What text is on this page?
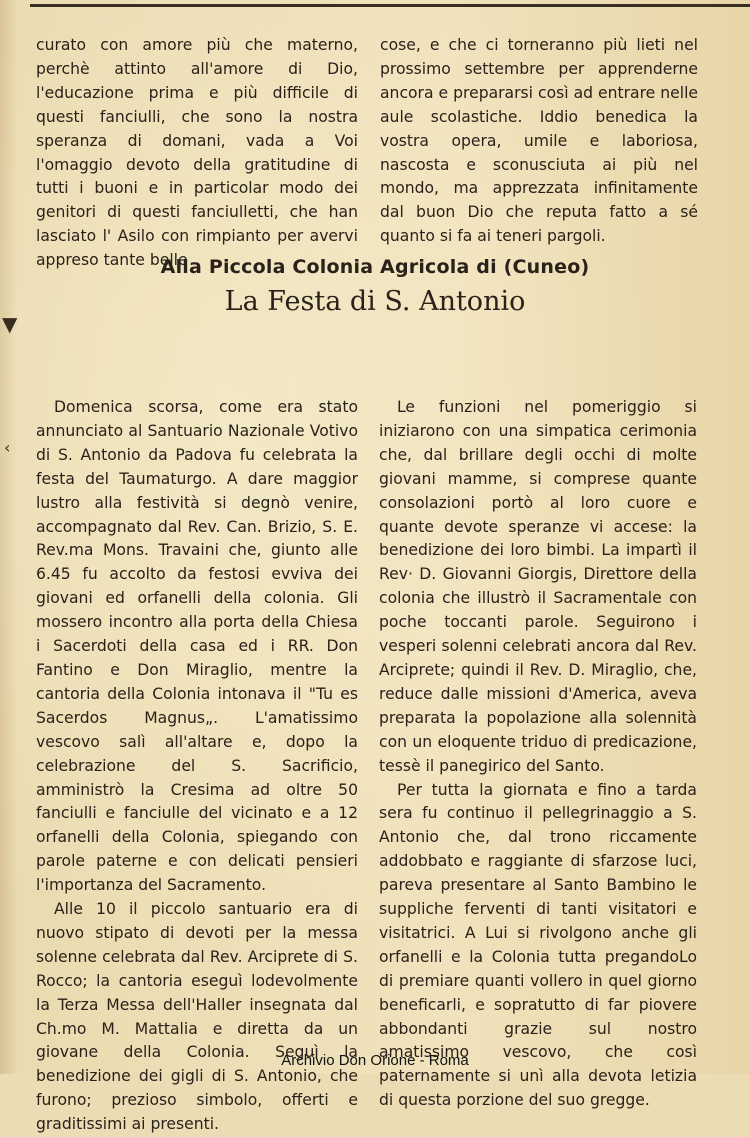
▼
‹

curato con amore più che materno, perchè attinto all'amore di Dio, l'educazione prima e più difficile di questi fanciulli, che sono la nostra speranza di domani, vada a Voi l'omaggio devoto della gratitudine di tutti i buoni e in particolar modo dei genitori di questi fanciulletti, che han lasciato l' Asilo con rimpianto per avervi appreso tante belle

cose, e che ci torneranno più lieti nel prossimo settembre per apprenderne ancora e prepararsi così ad entrare nelle aule scolastiche. Iddio benedica la vostra opera, umile e laboriosa, nascosta e sconusciuta ai più nel mondo, ma apprezzata infinitamente dal buon Dio che reputa fatto a sé quanto si fa ai teneri pargoli.

Alla Piccola Colonia Agricola di (Cuneo)
La Festa di S. Antonio

Domenica scorsa, come era stato annunciato al Santuario Nazionale Votivo di S. Antonio da Padova fu celebrata la festa del Taumaturgo. A dare maggior lustro alla festività si degnò venire, accompagnato dal Rev. Can. Brizio, S. E. Rev.ma Mons. Travaini che, giunto alle 6.45 fu accolto da festosi evviva dei giovani ed orfanelli della colonia. Gli mossero incontro alla porta della Chiesa i Sacerdoti della casa ed i RR. Don Fantino e Don Miraglio, mentre la cantoria della Colonia intonava il "Tu es Sacerdos Magnus„. L'amatissimo vescovo salì all'altare e, dopo la celebrazione del S. Sacrificio, amministrò la Cresima ad oltre 50 fanciulli e fanciulle del vicinato e a 12 orfanelli della Colonia, spiegando con parole paterne e con delicati pensieri l'importanza del Sacramento.

Alle 10 il piccolo santuario era di nuovo stipato di devoti per la messa solenne celebrata dal Rev. Arciprete di S. Rocco; la cantoria eseguì lodevolmente la Terza Messa dell'Haller insegnata dal Ch.mo M. Mattalia e diretta da un giovane della Colonia. Seguì la benedizione dei gigli di S. Antonio, che furono; prezioso simbolo, offerti e graditissimi ai presenti.

Le funzioni nel pomeriggio si iniziarono con una simpatica cerimonia che, dal brillare degli occhi di molte giovani mamme, si comprese quante consolazioni portò al loro cuore e quante devote speranze vi accese: la benedizione dei loro bimbi. La impartì il Rev· D. Giovanni Giorgis, Direttore della colonia che illustrò il Sacramentale con poche toccanti parole. Seguirono i vesperi solenni celebrati ancora dal Rev. Arciprete; quindi il Rev. D. Miraglio, che, reduce dalle missioni d'America, aveva preparata la popolazione alla solennità con un eloquente triduo di predicazione, tessè il panegirico del Santo.

Per tutta la giornata e fino a tarda sera fu continuo il pellegrinaggio a S. Antonio che, dal trono riccamente addobbato e raggiante di sfarzose luci, pareva presentare al Santo Bambino le suppliche ferventi di tanti visitatori e visitatrici. A Lui si rivolgono anche gli orfanelli e la Colonia tutta pregandoLo di premiare quanti vollero in quel giorno beneficarli, e sopratutto di far piovere abbondanti grazie sul nostro amatissimo vescovo, che così paternamente si unì alla devota letizia di questa porzione del suo gregge.

Archivio Don Orione - Roma
